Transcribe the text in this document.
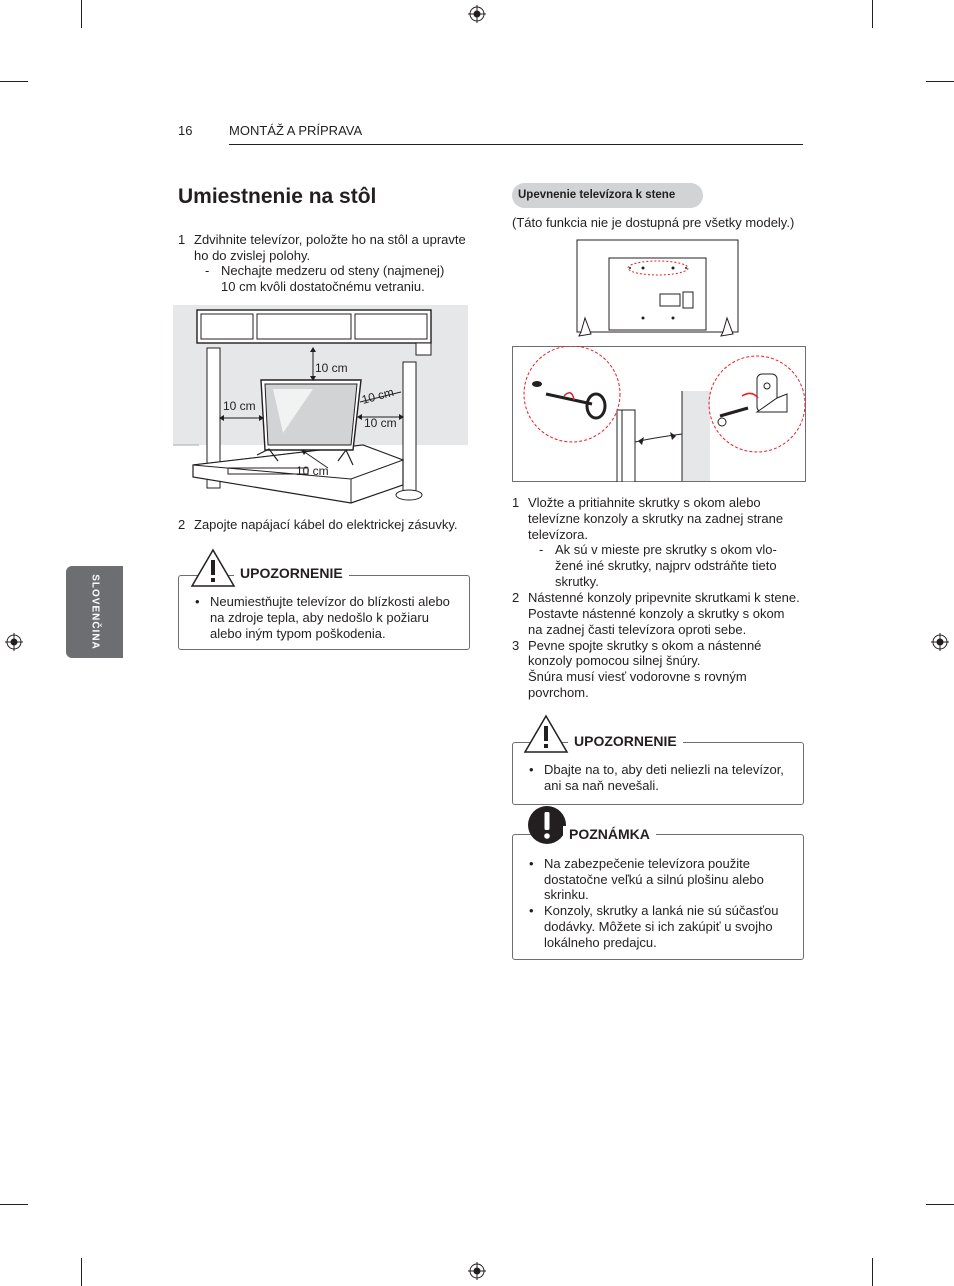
16	MONTÁŽ A PRÍPRAVA
SLOVENČINA
Umiestnenie na stôl
1 Zdvihnite televízor, položte ho na stôl a upravte
ho do zvislej polohy.
- Nechajte medzeru od steny (najmenej)
10 cm kvôli dostatočnému vetraniu.
10 cm
10 cm	10 cm
10 cm
10 cm
2 Zapojte napájací kábel do elektrickej zásuvky.
UPOZORNENIE
• Neumiestňujte televízor do blízkosti alebo
na zdroje tepla, aby nedošlo k požiaru
alebo iným typom poškodenia.
Upevnenie televízora k stene
(Táto funkcia nie je dostupná pre všetky modely.)
1 Vložte a pritiahnite skrutky s okom alebo
televízne konzoly a skrutky na zadnej strane
televízora.
- Ak sú v mieste pre skrutky s okom vlo-
žené iné skrutky, najprv odstráňte tieto
skrutky.
2 Nástenné konzoly pripevnite skrutkami k stene.
Postavte nástenné konzoly a skrutky s okom
na zadnej časti televízora oproti sebe.
3 Pevne spojte skrutky s okom a nástenné
konzoly pomocou silnej šnúry.
Šnúra musí viesť vodorovne s rovným
povrchom.
UPOZORNENIE
• Dbajte na to, aby deti neliezli na televízor,
ani sa naň nevešali.
POZNÁMKA
• Na zabezpečenie televízora použite
dostatočne veľkú a silnú plošinu alebo
skrinku.
• Konzoly, skrutky a lanká nie sú súčasťou
dodávky. Môžete si ich zakúpiť u svojho
lokálneho predajcu.
